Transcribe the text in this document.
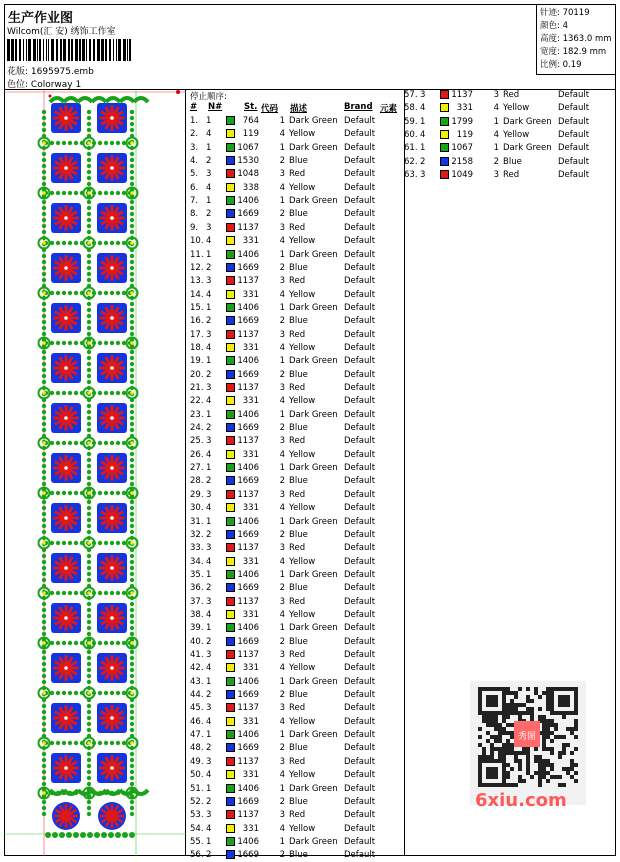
生产作业图
Wilcom(汇 安) 绣饰工作室
花版: 1695975.emb
色位: Colorway 1
针迹: 70119
颜色: 4
高度: 1363.0 mm
宽度: 182.9 mm
比例: 0.19
停止顺序:
# N#	St. 代码 描述	Brand 元素
1. 1	764	1 Dark Green Default
2. 4	119	4 Yellow	Default
3. 1	1067	1 Dark Green Default
4. 2	1530	2 Blue	Default
5. 3	1048	3 Red	Default
6. 4	338	4 Yellow	Default
7. 1	1406	1 Dark Green Default
8. 2	1669	2 Blue	Default
9. 3	1137	3 Red	Default
10. 4	331	4 Yellow	Default
11. 1	1406	1 Dark Green Default
12. 2	1669	2 Blue	Default
13. 3	1137	3 Red	Default
14. 4	331	4 Yellow	Default
15. 1	1406	1 Dark Green Default
16. 2	1669	2 Blue	Default
17. 3	1137	3 Red	Default
18. 4	331	4 Yellow	Default
19. 1	1406	1 Dark Green Default
20. 2	1669	2 Blue	Default
21. 3	1137	3 Red	Default
22. 4	331	4 Yellow	Default
23. 1	1406	1 Dark Green Default
24. 2	1669	2 Blue	Default
25. 3	1137	3 Red	Default
26. 4	331	4 Yellow	Default
27. 1	1406	1 Dark Green Default
28. 2	1669	2 Blue	Default
29. 3	1137	3 Red	Default
30. 4	331	4 Yellow	Default
31. 1	1406	1 Dark Green Default
32. 2	1669	2 Blue	Default
33. 3	1137	3 Red	Default
34. 4	331	4 Yellow	Default
35. 1	1406	1 Dark Green Default
36. 2	1669	2 Blue	Default
37. 3	1137	3 Red	Default
38. 4	331	4 Yellow	Default
39. 1	1406	1 Dark Green Default
40. 2	1669	2 Blue	Default
41. 3	1137	3 Red	Default
42. 4	331	4 Yellow	Default
43. 1	1406	1 Dark Green Default
44. 2	1669	2 Blue	Default
45. 3	1137	3 Red	Default
46. 4	331	4 Yellow	Default
47. 1	1406	1 Dark Green Default
48. 2	1669	2 Blue	Default
49. 3	1137	3 Red	Default
50. 4	331	4 Yellow	Default
51. 1	1406	1 Dark Green Default
52. 2	1669	2 Blue	Default
53. 3	1137	3 Red	Default
54. 4	331	4 Yellow	Default
55. 1	1406	1 Dark Green Default
56. 2	1669	2 Blue	Default
57. 3	1137	3 Red	Default
58. 4	331	4 Yellow	Default
59. 1	1799	1 Dark Green Default
60. 4	119	4 Yellow	Default
61. 1	1067	1 Dark Green Default
62. 2	2158	2 Blue	Default
63. 3	1049	3 Red	Default
秀图
6xiu.com
